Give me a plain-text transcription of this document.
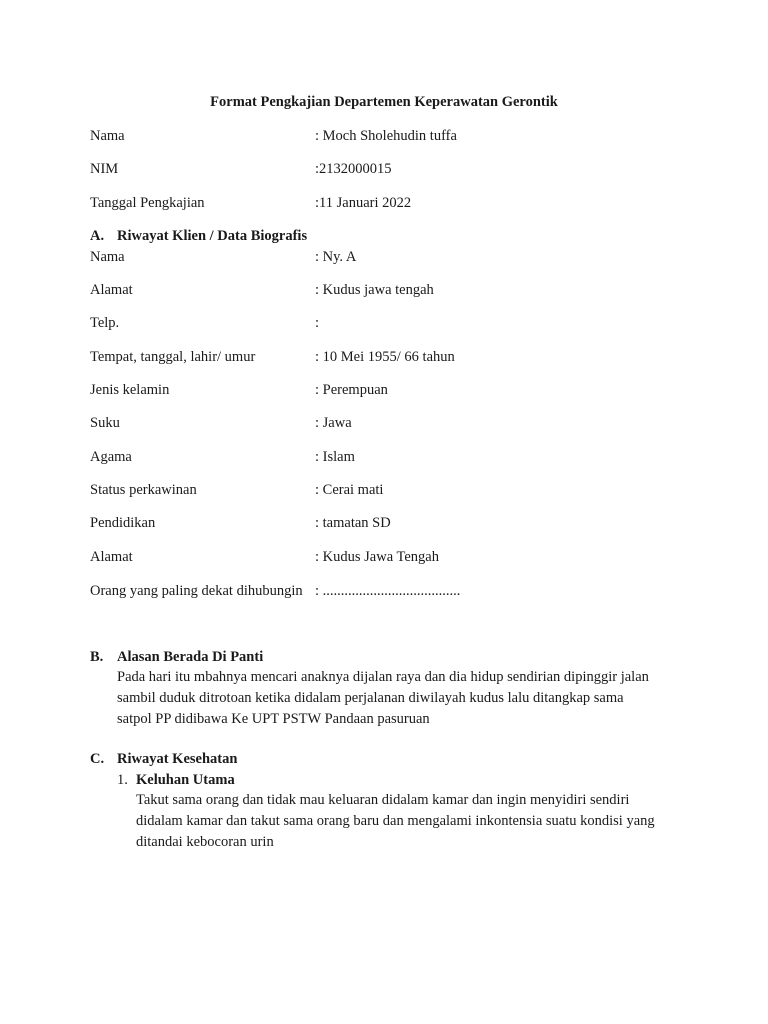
Format Pengkajian Departemen Keperawatan Gerontik
Nama	: Moch Sholehudin tuffa
NIM	:2132000015
Tanggal Pengkajian	:11 Januari 2022
A. Riwayat Klien / Data Biografis
Nama	: Ny. A
Alamat	: Kudus jawa tengah
Telp.	:
Tempat, tanggal, lahir/ umur	: 10 Mei 1955/ 66 tahun
Jenis kelamin	: Perempuan
Suku	: Jawa
Agama	: Islam
Status perkawinan	: Cerai mati
Pendidikan	: tamatan SD
Alamat	: Kudus Jawa Tengah
Orang yang paling dekat dihubungin : ......................................
B. Alasan Berada Di Panti
Pada hari itu mbahnya mencari anaknya dijalan raya dan dia hidup sendirian dipinggir jalan
sambil duduk ditrotoan ketika didalam perjalanan diwilayah kudus lalu ditangkap sama
satpol PP didibawa Ke UPT PSTW Pandaan pasuruan
C. Riwayat Kesehatan
1. Keluhan Utama
Takut sama orang dan tidak mau keluaran didalam kamar dan ingin menyidiri sendiri
didalam kamar dan takut sama orang baru dan mengalami inkontensia suatu kondisi yang
ditandai kebocoran urin
